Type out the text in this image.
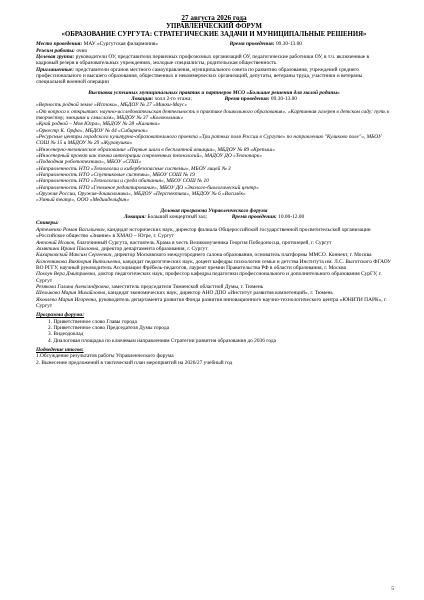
27 августа 2026 года

УПРАВЛЕНЧЕСКИЙ ФОРУМ

«ОБРАЗОВАНИЕ СУРГУТА: СТРАТЕГИЧЕСКИЕ ЗАДАЧИ И МУНИЦИПАЛЬНЫЕ РЕШЕНИЯ»

Место проведения: МАУ «Сургутская филармония»	Время проведения: 09.30-13.00

Режим работы: очно

Целевая группа: руководители ОУ, представители первичных профсоюзных организаций ОУ, педагогические работники ОУ, в т.ч. включенные в кадровый резерв в образовательных учреждениях, молодые специалисты, родительская общественность

Приглашенные: представители органов местного самоуправления, муниципального совета по развитию образования, учреждений среднего профессионального и высшего образования, общественных и некоммерческих организаций, депутаты, ветераны труда, участники и ветераны специальной военной операции

Выставка успешных муниципальных практик и партнеров МСО «Большие решения для малой родины»

Локация: холл 2-го этажа;	Время проведения: 09.30-13.00

«Верность родной земле «Истоки», МБДОУ № 27 «Микки-Маус»

«От вопроса к открытию: научно-исследовательская деятельность в практике дошкольного образования». «Картинная галерея в детском саду: путь к творчеству, эмоциям и смыслам», МБДОУ № 37 «Колокольчик»

«Край родной – Моя Югра», МБДОУ № 28 «Калинка»

«Оркестр К. Орфа», МБДОУ № 44 «Сибирячок»

«Ресурсные центры городского культурно-образовательного проекта «Три ратных поля России в Сургуте» по направлению "Куликово поле"», МБОУ СОШ № 15 и МБДОУ № 29 «Журавушка»

«Инженерно-техническое образование «Первые шаги в бесплатной авиации», МБДОУ № 89 «Крепыш»

«Инженерный проект как точка интеграции современных технологий», МАДОУ ДО «Технопарк»

«Подводная робототехника», МБОУ «СПШ»

«Направленность НТО «Технологии и кибербезопасные системы», МБОУ лицей № 3

«Направленность НТО «Спутниковые системы», МБОУ СОШ № 19

«Направленность НТО «Технологии и среда обитания», МБОУ СОШ № 10

«Направленность НТО «Геномное редактирование», МБОУ ДО «Эколого-биологический центр»

«Оружия России, Оружия-дошкольника», МБДОУ «Перспектива», МБДОУ № 6 «Василёк»

«Умный театр», ООО «Медиадельфин»

Деловая программа Управленческого форума

Локация: Большой концертный зал;	Время проведения: 10.00-12.00

Спикеры:

Артеменко Роман Васильевич, кандидат исторических наук, директор филиала Общероссийской государственной просветительской организации «Российское общество «Знание» в ХМАО – Югре, г. Сургут

Антоний Исаков, благочинный Сургута, настоятель Храма в честь Великомученика Георгия Победоносца, протоиерей, г. Сургут

Замятина Ирина Павловна, директор департамента образования, г. Сургут

Кахарковский Максим Сергеевич, директор Московского междугороднего салона образования, основатель платформы ММСО. Коннект, г. Москва

Кожевникова Виктория Витальевна, кандидат педагогических наук, доцент кафедры психологии семьи и детства Института им. Л.С. Выготского ФГАОУ ВО РГГУ, научный руководитель Ассоциации Фрёбель-педагогов, лауреат премии Правительства РФ в области образования, г. Москва

Похоун Вера Дмитриевна, доктор педагогических наук, профессор кафедры педагогики профессионального и дополнительного образования СурГУ, г. Сургут

Резякова Галина Александровна, заместитель председателя Тюменской областной Думы, г. Тюмень

Шелыкова Мария Михайловна, кандидат экономических наук, директор АНО ДПО «Институт развития компетенций», г. Тюмень

Яковлева Мария Игоревна, руководитель департамента развития Фонда развития инновационного научно-технологического центра «ЮНИТИ ПАРК», г. Сургут

Программа форума:

1. Приветственное слово Главы города

2. Приветственное слово Председателя Думы города

3. Видеодоклад

4. Диалоговая площадка по ключевым направлениям Стратегии развития образования до 2036 года

Подведение итогов:

1.Обсуждение результатов работы Управленческого форума

2. Вынесение предложений в тактический план мероприятий на 2026/27 учебный год

5
